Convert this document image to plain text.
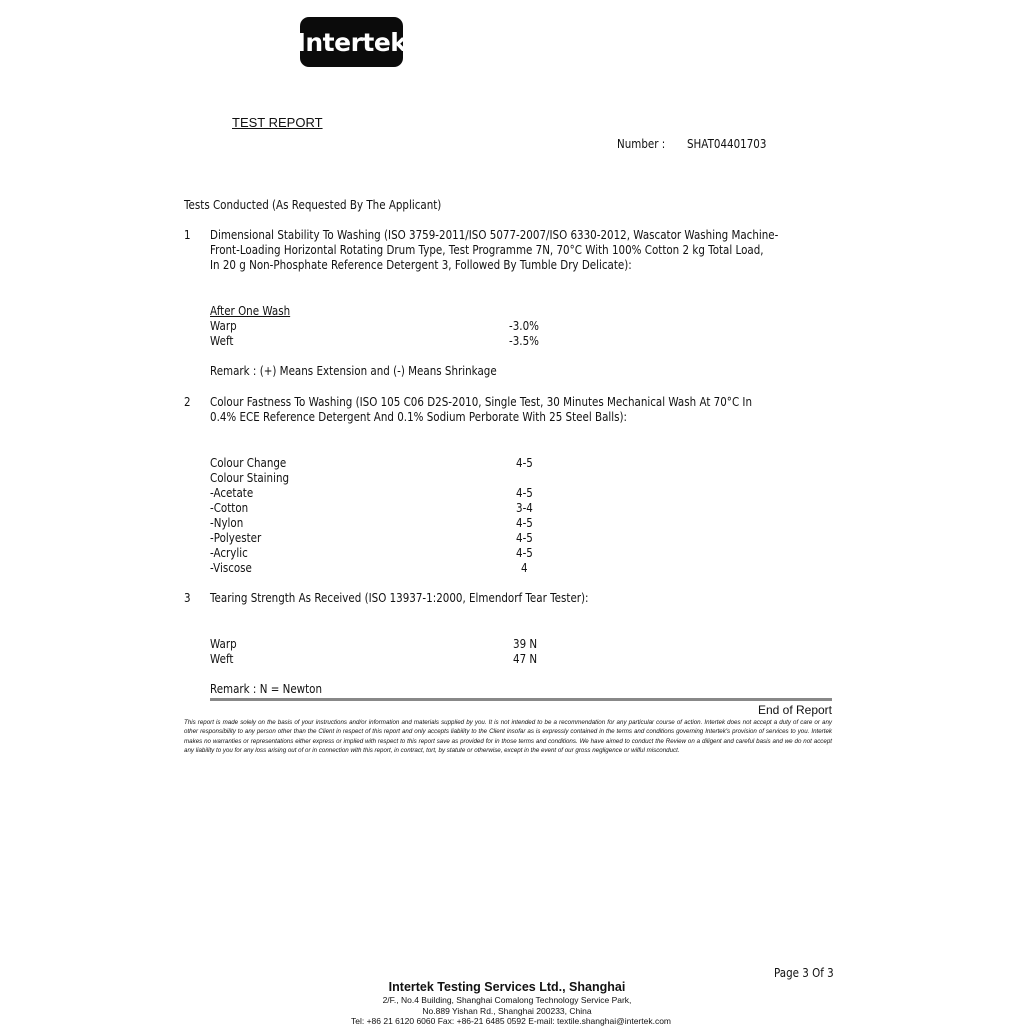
Intertek
TEST REPORT
Number : SHAT04401703
Tests Conducted (As Requested By The Applicant)
1 Dimensional Stability To Washing (ISO 3759-2011/ISO 5077-2007/ISO 6330-2012, Wascator Washing Machine-
Front-Loading Horizontal Rotating Drum Type, Test Programme 7N, 70°C With 100% Cotton 2 kg Total Load,
In 20 g Non-Phosphate Reference Detergent 3, Followed By Tumble Dry Delicate):
After One Wash
Warp	-3.0%
Weft	-3.5%
Remark : (+) Means Extension and (-) Means Shrinkage
2 Colour Fastness To Washing (ISO 105 C06 D2S-2010, Single Test, 30 Minutes Mechanical Wash At 70°C In
0.4% ECE Reference Detergent And 0.1% Sodium Perborate With 25 Steel Balls):
Colour Change	4-5
Colour Staining
-Acetate	4-5
-Cotton	3-4
-Nylon	4-5
-Polyester	4-5
-Acrylic	4-5
-Viscose	4
3 Tearing Strength As Received (ISO 13937-1:2000, Elmendorf Tear Tester):
Warp	39 N
Weft	47 N
Remark : N = Newton
End of Report
This report is made solely on the basis of your instructions and/or information and materials supplied by you. It is not intended to be a recommendation for any particular course of action. Intertek does not accept a duty of care or any other responsibility to any person other than the Client in respect of this report and only accepts liability to the Client insofar as is expressly contained in the terms and conditions governing Intertek's provision of services to you. Intertek makes no warranties or representations either express or implied with respect to this report save as provided for in those terms and conditions. We have aimed to conduct the Review on a diligent and careful basis and we do not accept any liability to you for any loss arising out of or in connection with this report, in contract, tort, by statute or otherwise, except in the event of our gross negligence or wilful misconduct.
Page 3 Of 3
Intertek Testing Services Ltd., Shanghai
2/F., No.4 Building, Shanghai Comalong Technology Service Park,
No.889 Yishan Rd., Shanghai 200233, China
Tel: +86 21 6120 6060 Fax: +86-21 6485 0592 E-mail: textile.shanghai@intertek.com
